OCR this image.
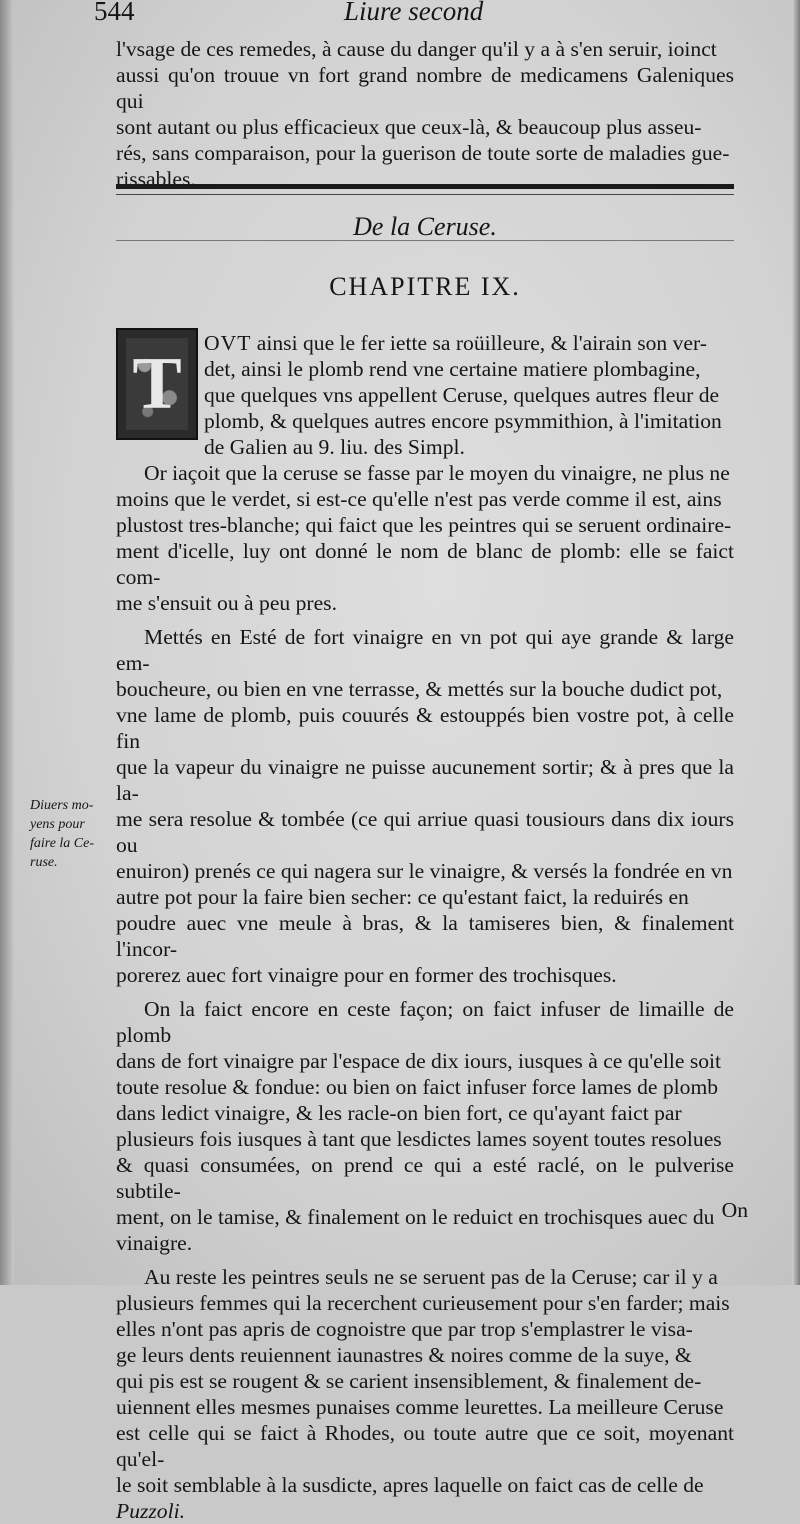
544	Liure second

l'vsage de ces remedes, à cause du danger qu'il y a à s'en seruir, ioinct

aussi qu'on trouue vn fort grand nombre de medicamens Galeniques qui

sont autant ou plus efficacieux que ceux-là, & beaucoup plus asseu-

rés, sans comparaison, pour la guerison de toute sorte de maladies gue-

rissables.

De la Ceruse.
CHAPITRE IX.
T OVT ainsi que le fer iette sa roüilleure, & l'airain son ver-

det, ainsi le plomb rend vne certaine matiere plombagine,

que quelques vns appellent Ceruse, quelques autres fleur de

plomb, & quelques autres encore psymmithion, à l'imitation

de Galien au 9. liu. des Simpl.

Or iaçoit que la ceruse se fasse par le moyen du vinaigre, ne plus ne

moins que le verdet, si est-ce qu'elle n'est pas verde comme il est, ains

plustost tres-blanche; qui faict que les peintres qui se seruent ordinaire-

ment d'icelle, luy ont donné le nom de blanc de plomb: elle se faict com-

me s'ensuit ou à peu pres.

Mettés en Esté de fort vinaigre en vn pot qui aye grande & large em-

boucheure, ou bien en vne terrasse, & mettés sur la bouche dudict pot,

vne lame de plomb, puis couurés & estouppés bien vostre pot, à celle fin

que la vapeur du vinaigre ne puisse aucunement sortir; & à pres que la la-

me sera resolue & tombée (ce qui arriue quasi tousiours dans dix iours ou

enuiron) prenés ce qui nagera sur le vinaigre, & versés la fondrée en vn

autre pot pour la faire bien secher: ce qu'estant faict, la reduirés en

poudre auec vne meule à bras, & la tamiseres bien, & finalement l'incor-

porerez auec fort vinaigre pour en former des trochisques.

On la faict encore en ceste façon; on faict infuser de limaille de plomb

dans de fort vinaigre par l'espace de dix iours, iusques à ce qu'elle soit

toute resolue & fondue: ou bien on faict infuser force lames de plomb

dans ledict vinaigre, & les racle-on bien fort, ce qu'ayant faict par

plusieurs fois iusques à tant que lesdictes lames soyent toutes resolues

& quasi consumées, on prend ce qui a esté raclé, on le pulverise subtile-

ment, on le tamise, & finalement on le reduict en trochisques auec du

vinaigre.

Au reste les peintres seuls ne se seruent pas de la Ceruse; car il y a

plusieurs femmes qui la recerchent curieusement pour s'en farder; mais

elles n'ont pas apris de cognoistre que par trop s'emplastrer le visa-

ge leurs dents reuiennent iaunastres & noires comme de la suye, &

qui pis est se rougent & se carient insensiblement, & finalement de-

uiennent elles mesmes punaises comme leurettes. La meilleure Ceruse

est celle qui se faict à Rhodes, ou toute autre que ce soit, moyenant qu'el-

le soit semblable à la susdicte, apres laquelle on faict cas de celle de

Puzzoli.

Diuers mo-

yens pour

faire la Ce-

ruse.

On
